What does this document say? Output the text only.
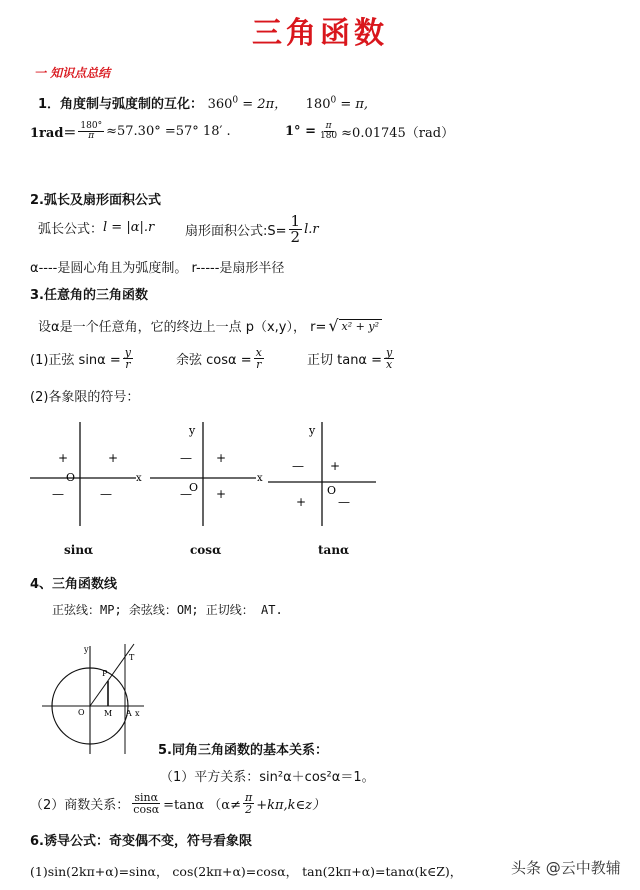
三角函数
一 知识点总结
1．角度制与弧度制的互化： $360^0 = 2\pi$， $180^0 = \pi$,
$1rad= \frac{180^\circ}{\pi} \approx 57.30^\circ =57^\circ$ 18′ .	$1^\circ = \frac{\pi}{180} \approx 0.01745(rad)$
2.弧长及扇形面积公式
弧长公式： l = |α|.r 扇形面积公式:S= $\frac{1}{2} l.r$
α----是圆心角且为弧度制。 r-----是扇形半径
3.任意角的三角函数
设α是一个任意角，它的终边上一点 p（x,y）， r= √ x² + y²
(1)正弦 $\sin\alpha = \frac{y}{r}$	余弦 $\cos\alpha = \frac{x}{r}$	正切 $\tan\alpha = \frac{y}{x}$
(2)各象限的符号：
O	x
+
+
—	—
y
O
x
— +
— +
y
O
— +
+	—
sinα	cosα	tanα
4、三角函数线
正弦线：MP; 余弦线：OM; 正切线： AT.
y
P
T
O M A x
5.同角三角函数的基本关系：
（1）平方关系：sin²α＋cos²α＝1。
（2）商数关系： $\frac{\sin\alpha}{\cos\alpha} =\tan\alpha$ （$\alpha\ne \frac{\pi}{2}$ +kπ,k∈z）
6.诱导公式：奇变偶不变，符号看象限
(1)sin(2kπ+α)=sinα， cos(2kπ+α)=cosα， tan(2kπ+α)=tanα(k∈Z)，	头条 @云中教辅
